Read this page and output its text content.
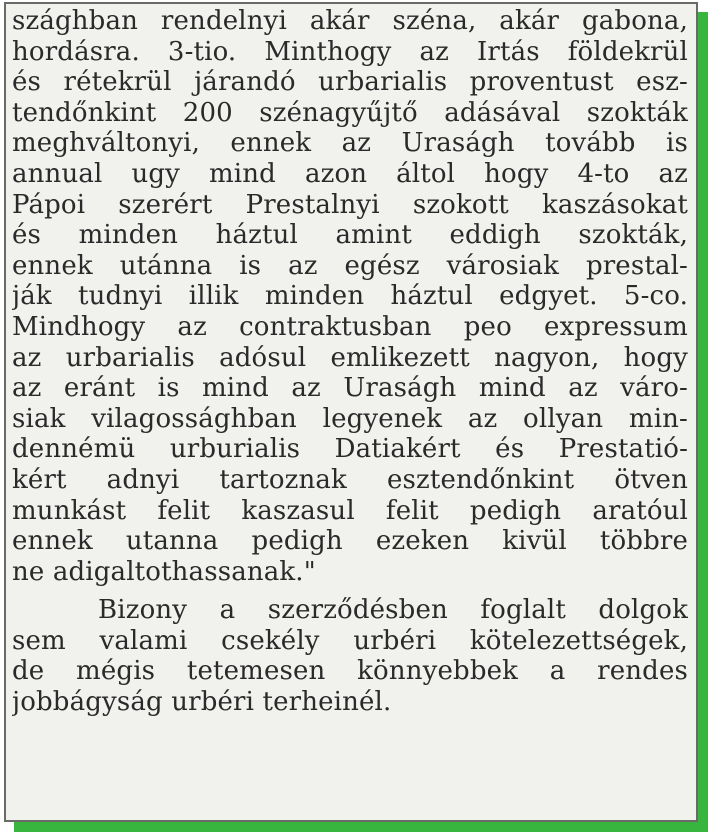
szághban rendelnyi akár széna, akár gabona,
hordásra. 3-tio. Minthogy az Irtás földekrül
és rétekrül járandó urbarialis proventust esz-
tendőnkint 200 szénagyűjtő adásával szokták
meghváltonyi, ennek az Uraságh tovább is
annual ugy mind azon áltol hogy 4-to az
Pápoi szerért Prestalnyi szokott kaszásokat
és minden háztul amint eddigh szokták,
ennek utánna is az egész városiak prestal-
ják tudnyi illik minden háztul edgyet. 5-co.
Mindhogy az contraktusban peo expressum
az urbarialis adósul emlikezett nagyon, hogy
az eránt is mind az Uraságh mind az váro-
siak vilagossághban legyenek az ollyan min-
dennémü urburialis Datiakért és Prestatió-
kért adnyi tartoznak esztendőnkint ötven
munkást felit kaszasul felit pedigh aratóul
ennek utanna pedigh ezeken kivül többre
ne adigaltothassanak."
Bizony a szerződésben foglalt dolgok
sem valami csekély urbéri kötelezettségek,
de mégis tetemesen könnyebbek a rendes
jobbágyság urbéri terheinél.
